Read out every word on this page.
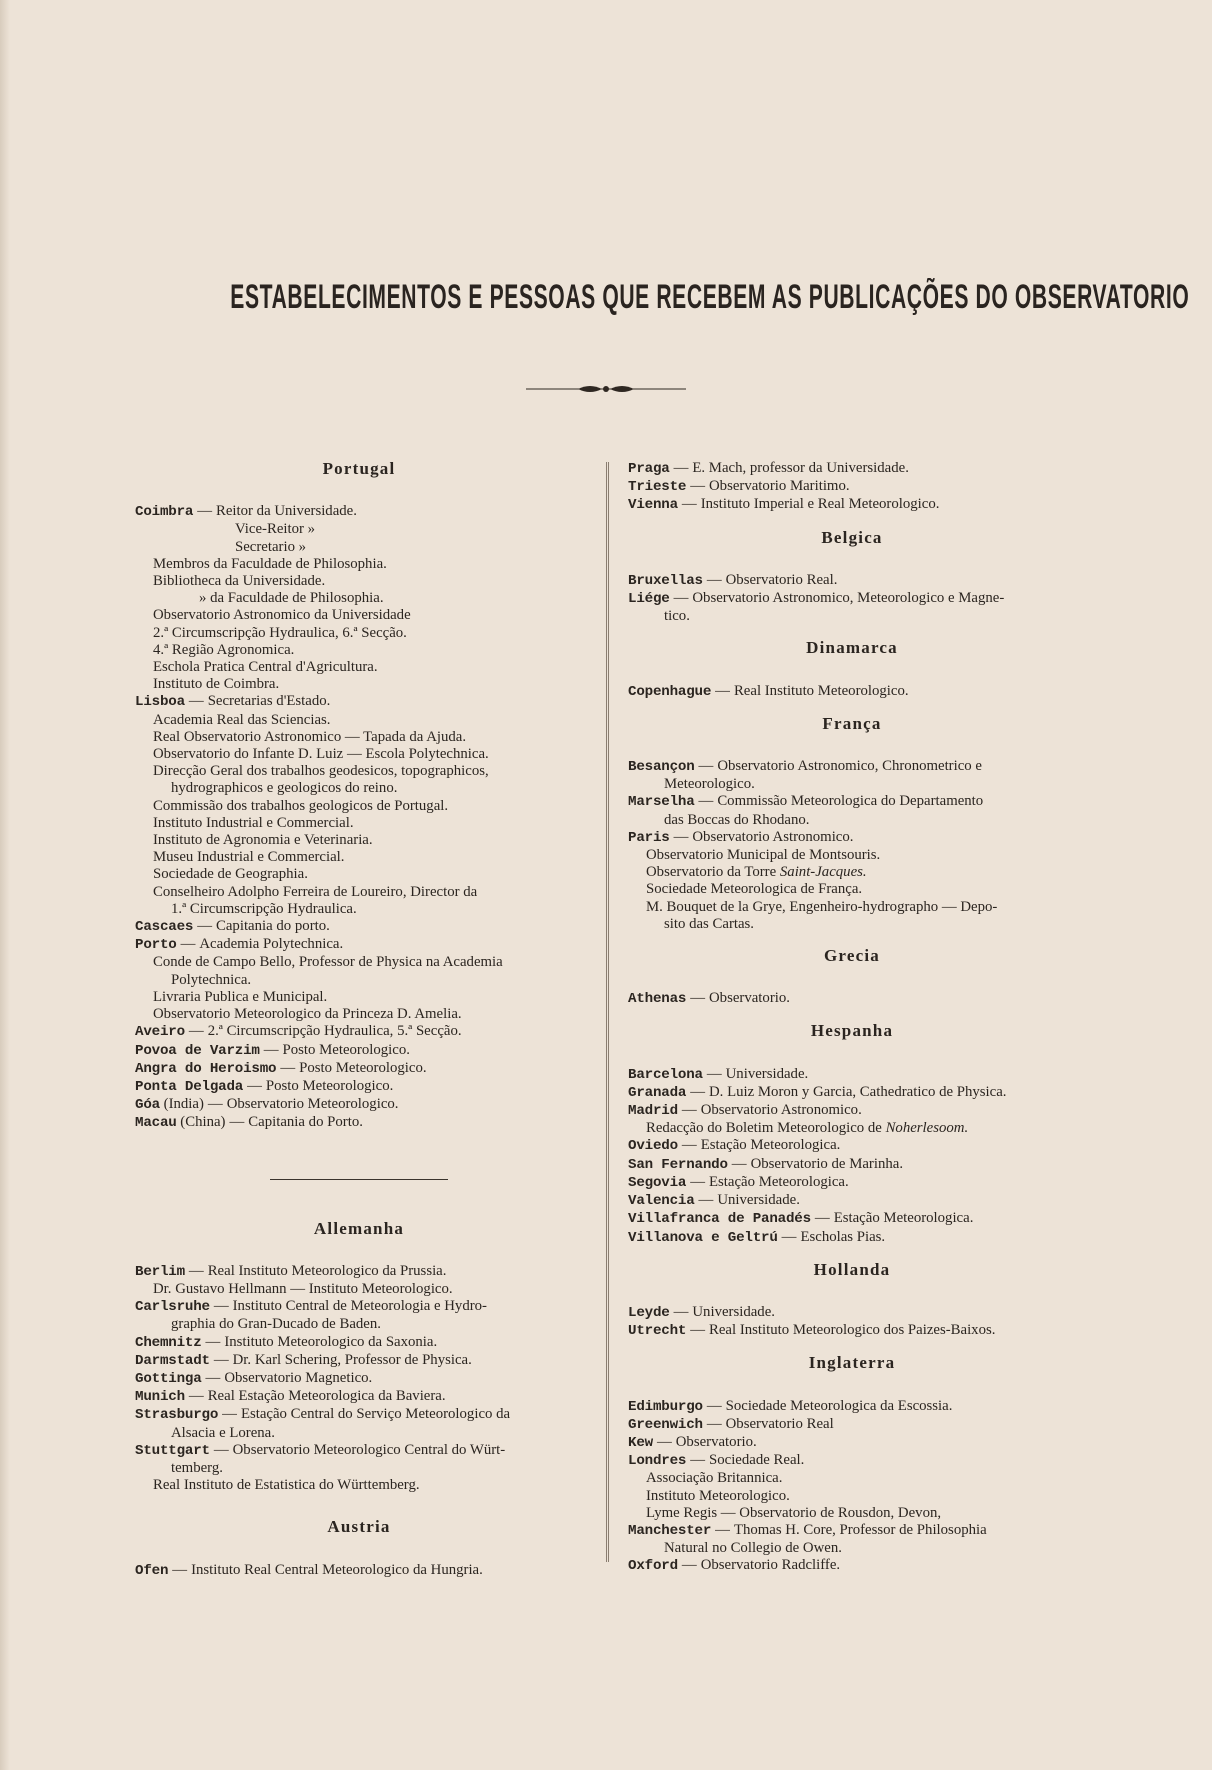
ESTABELECIMENTOS E PESSOAS QUE RECEBEM AS PUBLICAÇÕES DO OBSERVATORIO
Portugal
Coimbra — Reitor da Universidade.
Vice-Reitor »
Secretario »
Membros da Faculdade de Philosophia.
Bibliotheca da Universidade.
» da Faculdade de Philosophia.
Observatorio Astronomico da Universidade
2.ª Circumscripção Hydraulica, 6.ª Secção.
4.ª Região Agronomica.
Eschola Pratica Central d'Agricultura.
Instituto de Coimbra.
Lisboa — Secretarias d'Estado.
Academia Real das Sciencias.
Real Observatorio Astronomico — Tapada da Ajuda.
Observatorio do Infante D. Luiz — Escola Polytechnica.
Direcção Geral dos trabalhos geodesicos, topographicos,
hydrographicos e geologicos do reino.
Commissão dos trabalhos geologicos de Portugal.
Instituto Industrial e Commercial.
Instituto de Agronomia e Veterinaria.
Museu Industrial e Commercial.
Sociedade de Geographia.
Conselheiro Adolpho Ferreira de Loureiro, Director da
1.ª Circumscripção Hydraulica.
Cascaes — Capitania do porto.
Porto — Academia Polytechnica.
Conde de Campo Bello, Professor de Physica na Academia
Polytechnica.
Livraria Publica e Municipal.
Observatorio Meteorologico da Princeza D. Amelia.
Aveiro — 2.ª Circumscripção Hydraulica, 5.ª Secção.
Povoa de Varzim — Posto Meteorologico.
Angra do Heroismo — Posto Meteorologico.
Ponta Delgada — Posto Meteorologico.
Góa (India) — Observatorio Meteorologico.
Macau (China) — Capitania do Porto.
Allemanha
Berlim — Real Instituto Meteorologico da Prussia.
Dr. Gustavo Hellmann — Instituto Meteorologico.
Carlsruhe — Instituto Central de Meteorologia e Hydro-
graphia do Gran-Ducado de Baden.
Chemnitz — Instituto Meteorologico da Saxonia.
Darmstadt — Dr. Karl Schering, Professor de Physica.
Gottinga — Observatorio Magnetico.
Munich — Real Estação Meteorologica da Baviera.
Strasburgo — Estação Central do Serviço Meteorologico da
Alsacia e Lorena.
Stuttgart — Observatorio Meteorologico Central do Würt-
temberg.
Real Instituto de Estatistica do Württemberg.
Austria
Ofen — Instituto Real Central Meteorologico da Hungria.
Praga — E. Mach, professor da Universidade.
Trieste — Observatorio Maritimo.
Vienna — Instituto Imperial e Real Meteorologico.
Belgica
Bruxellas — Observatorio Real.
Liége — Observatorio Astronomico, Meteorologico e Magne-
tico.
Dinamarca
Copenhague — Real Instituto Meteorologico.
França
Besançon — Observatorio Astronomico, Chronometrico e
Meteorologico.
Marselha — Commissão Meteorologica do Departamento
das Boccas do Rhodano.
Paris — Observatorio Astronomico.
Observatorio Municipal de Montsouris.
Observatorio da Torre Saint-Jacques.
Sociedade Meteorologica de França.
M. Bouquet de la Grye, Engenheiro-hydrographo — Depo-
sito das Cartas.
Grecia
Athenas — Observatorio.
Hespanha
Barcelona — Universidade.
Granada — D. Luiz Moron y Garcia, Cathedratico de Physica.
Madrid — Observatorio Astronomico.
Redacção do Boletim Meteorologico de Noherlesoom.
Oviedo — Estação Meteorologica.
San Fernando — Observatorio de Marinha.
Segovia — Estação Meteorologica.
Valencia — Universidade.
Villafranca de Panadés — Estação Meteorologica.
Villanova e Geltrú — Escholas Pias.
Hollanda
Leyde — Universidade.
Utrecht — Real Instituto Meteorologico dos Paizes-Baixos.
Inglaterra
Edimburgo — Sociedade Meteorologica da Escossia.
Greenwich — Observatorio Real
Kew — Observatorio.
Londres — Sociedade Real.
Associação Britannica.
Instituto Meteorologico.
Lyme Regis — Observatorio de Rousdon, Devon,
Manchester — Thomas H. Core, Professor de Philosophia
Natural no Collegio de Owen.
Oxford — Observatorio Radcliffe.
